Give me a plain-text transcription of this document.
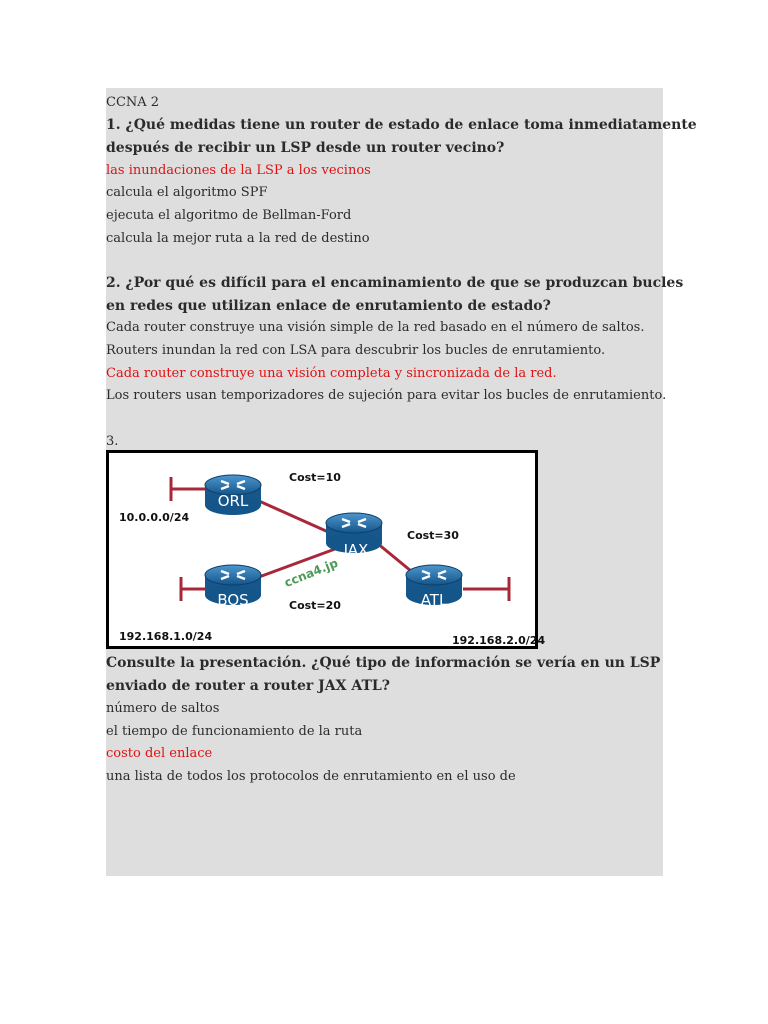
CCNA 2
1. ¿Qué medidas tiene un router de estado de enlace toma inmediatamente
después de recibir un LSP desde un router vecino?
las inundaciones de la LSP a los vecinos
calcula el algoritmo SPF
ejecuta el algoritmo de Bellman-Ford
calcula la mejor ruta a la red de destino
2. ¿Por qué es difícil para el encaminamiento de que se produzcan bucles
en redes que utilizan enlace de enrutamiento de estado?
Cada router construye una visión simple de la red basado en el número de saltos.
Routers inundan la red con LSA para descubrir los bucles de enrutamiento.
Cada router construye una visión completa y sincronizada de la red.
Los routers usan temporizadores de sujeción para evitar los bucles de enrutamiento.
3.
ORL
JAX
BOS	ATL
ccna4.jp
Cost=10
Cost=30
Cost=20
10.0.0.0/24
192.168.1.0/24	192.168.2.0/24
Consulte la presentación. ¿Qué tipo de información se vería en un LSP
enviado de router a router JAX ATL?
número de saltos
el tiempo de funcionamiento de la ruta
costo del enlace
una lista de todos los protocolos de enrutamiento en el uso de
